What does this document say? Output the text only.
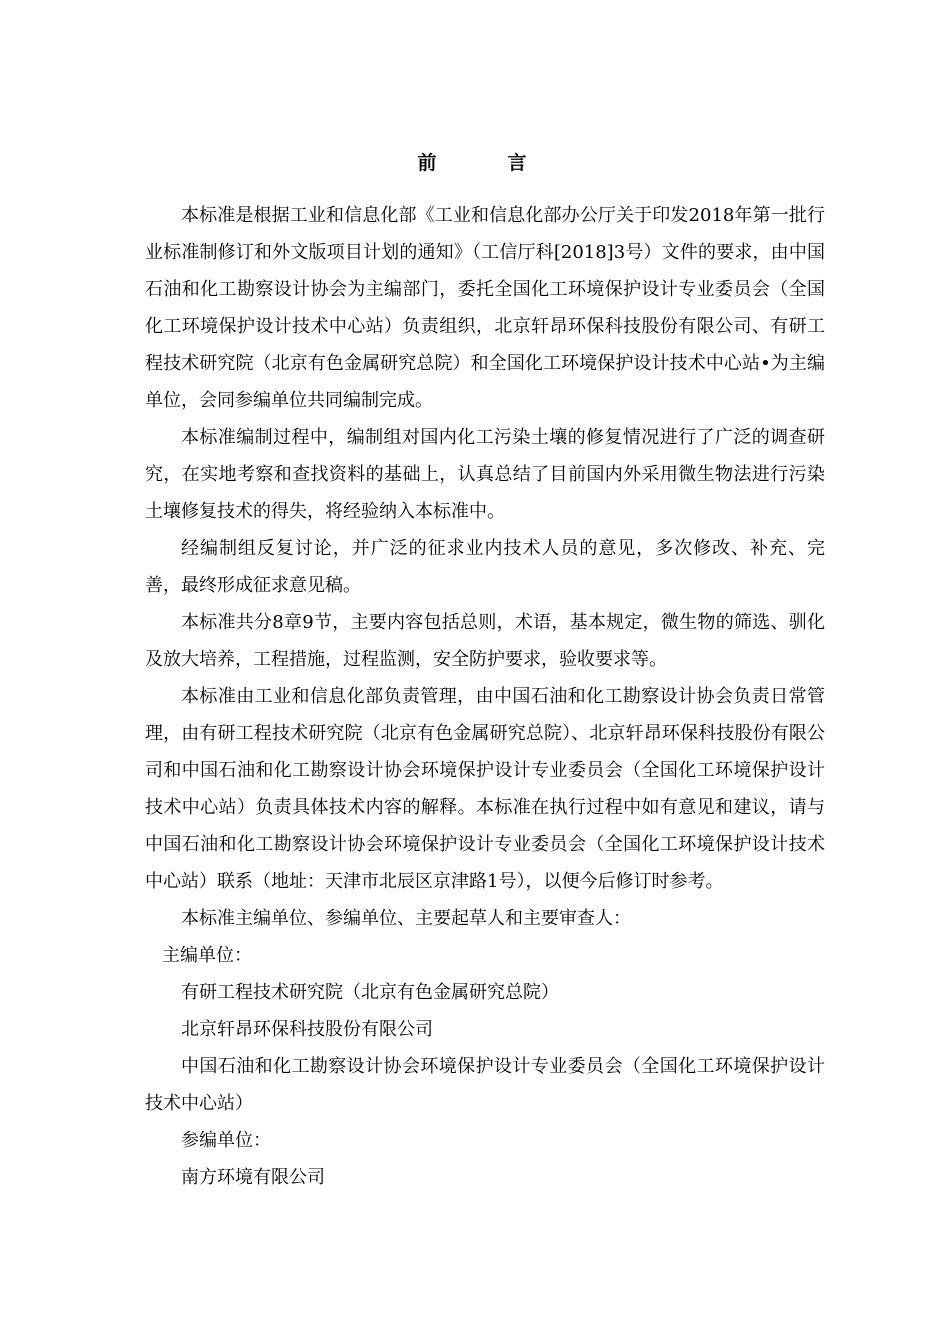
前　言

本标准是根据工业和信息化部《工业和信息化部办公厅关于印发2018年第一批行业标准制修订和外文版项目计划的通知》（工信厅科[2018]3号）文件的要求，由中国石油和化工勘察设计协会为主编部门，委托全国化工环境保护设计专业委员会（全国化工环境保护设计技术中心站）负责组织，北京轩昂环保科技股份有限公司、有研工程技术研究院（北京有色金属研究总院）和全国化工环境保护设计技术中心站•为主编单位，会同参编单位共同编制完成。

本标准编制过程中，编制组对国内化工污染土壤的修复情况进行了广泛的调查研究，在实地考察和查找资料的基础上，认真总结了目前国内外采用微生物法进行污染土壤修复技术的得失，将经验纳入本标准中。

经编制组反复讨论，并广泛的征求业内技术人员的意见，多次修改、补充、完善，最终形成征求意见稿。

本标准共分8章9节，主要内容包括总则，术语，基本规定，微生物的筛选、驯化及放大培养，工程措施，过程监测，安全防护要求，验收要求等。

本标准由工业和信息化部负责管理，由中国石油和化工勘察设计协会负责日常管理，由有研工程技术研究院（北京有色金属研究总院）、北京轩昂环保科技股份有限公司和中国石油和化工勘察设计协会环境保护设计专业委员会（全国化工环境保护设计技术中心站）负责具体技术内容的解释。本标准在执行过程中如有意见和建议，请与中国石油和化工勘察设计协会环境保护设计专业委员会（全国化工环境保护设计技术中心站）联系（地址：天津市北辰区京津路1号），以便今后修订时参考。

本标准主编单位、参编单位、主要起草人和主要审查人：

主编单位：

有研工程技术研究院（北京有色金属研究总院）

北京轩昂环保科技股份有限公司

中国石油和化工勘察设计协会环境保护设计专业委员会（全国化工环境保护设计技术中心站）

参编单位：

南方环境有限公司
